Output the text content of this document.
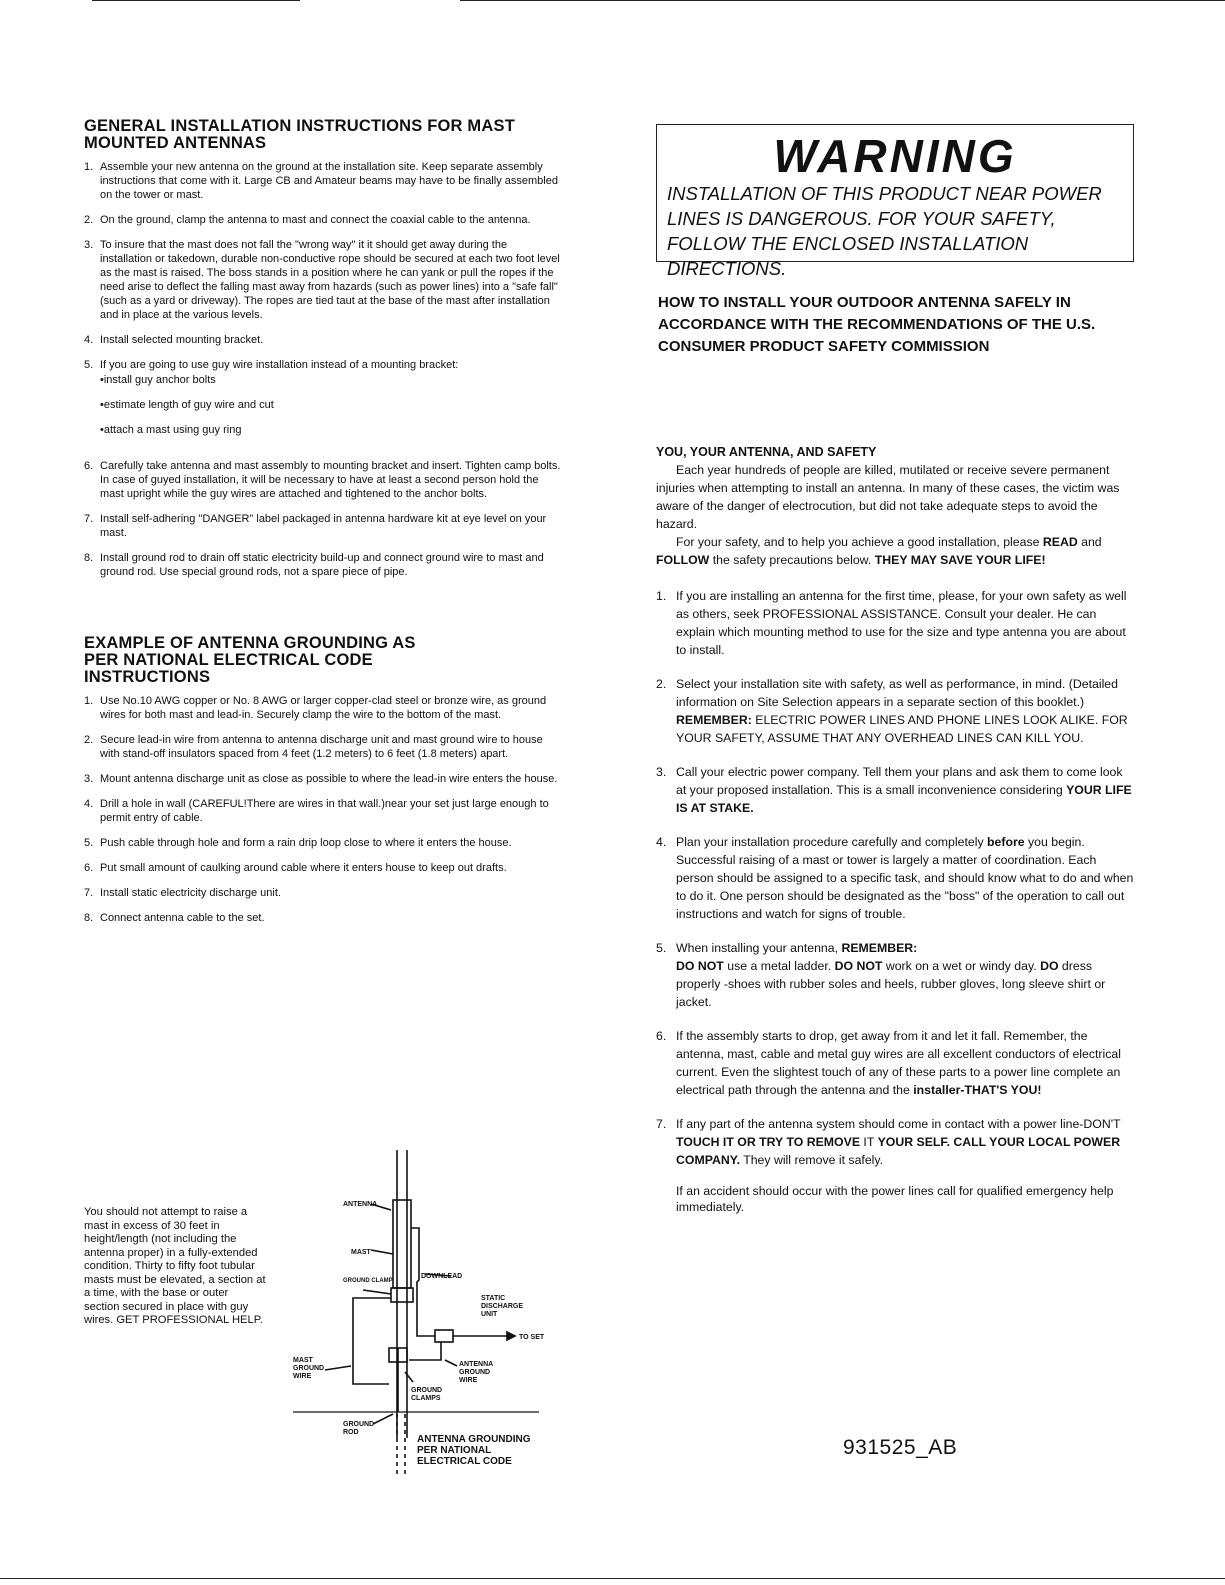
GENERAL INSTALLATION INSTRUCTIONS FOR MAST MOUNTED ANTENNAS
1. Assemble your new antenna on the ground at the installation site. Keep separate assembly instructions that come with it. Large CB and Amateur beams may have to be finally assembled on the tower or mast.
2. On the ground, clamp the antenna to mast and connect the coaxial cable to the antenna.
3. To insure that the mast does not fall the "wrong way" it it should get away during the installation or takedown, durable non-conductive rope should be secured at each two foot level as the mast is raised. The boss stands in a position where he can yank or pull the ropes if the need arise to deflect the falling mast away from hazards (such as power lines) into a "safe fall" (such as a yard or driveway). The ropes are tied taut at the base of the mast after installation and in place at the various levels.
4. Install selected mounting bracket.
5. If you are going to use guy wire installation instead of a mounting bracket:
• install guy anchor bolts
• estimate length of guy wire and cut
• attach a mast using guy ring
6. Carefully take antenna and mast assembly to mounting bracket and insert. Tighten camp bolts. In case of guyed installation, it will be necessary to have at least a second person hold the mast upright while the guy wires are attached and tightened to the anchor bolts.
7. Install self-adhering "DANGER" label packaged in antenna hardware kit at eye level on your mast.
8. Install ground rod to drain off static electricity build-up and connect ground wire to mast and ground rod. Use special ground rods, not a spare piece of pipe.
EXAMPLE OF ANTENNA GROUNDING AS PER NATIONAL ELECTRICAL CODE INSTRUCTIONS
1. Use No.10 AWG copper or No. 8 AWG or larger copper-clad steel or bronze wire, as ground wires for both mast and lead-in. Securely clamp the wire to the bottom of the mast.
2. Secure lead-in wire from antenna to antenna discharge unit and mast ground wire to house with stand-off insulators spaced from 4 feet (1.2 meters) to 6 feet (1.8 meters) apart.
3. Mount antenna discharge unit as close as possible to where the lead-in wire enters the house.
4. Drill a hole in wall (CAREFUL!There are wires in that wall.)near your set just large enough to permit entry of cable.
5. Push cable through hole and form a rain drip loop close to where it enters the house.
6. Put small amount of caulking around cable where it enters house to keep out drafts.
7. Install static electricity discharge unit.
8. Connect antenna cable to the set.
You should not attempt to raise a mast in excess of 30 feet in height/length (not including the antenna proper) in a fully-extended condition. Thirty to fifty foot tubular masts must be elevated, a section at a time, with the base or outer section secured in place with guy wires. GET PROFESSIONAL HELP.
ANTENNA
MAST
GROUND CLAMP
DOWNLEAD
STATIC
DISCHARGE
UNIT
TO SET
MAST
GROUND
WIRE
ANTENNA
GROUND
WIRE
GROUND
CLAMPS
GROUND
ROD
ANTENNA GROUNDING
PER NATIONAL
ELECTRICAL CODE
WARNING
INSTALLATION OF THIS PRODUCT NEAR POWER LINES IS DANGEROUS. FOR YOUR SAFETY, FOLLOW THE ENCLOSED INSTALLATION DIRECTIONS.
HOW TO INSTALL YOUR OUTDOOR ANTENNA SAFELY IN ACCORDANCE WITH THE RECOMMENDATIONS OF THE U.S. CONSUMER PRODUCT SAFETY COMMISSION
YOU, YOUR ANTENNA, AND SAFETY

Each year hundreds of people are killed, mutilated or receive severe permanent injuries when attempting to install an antenna. In many of these cases, the victim was aware of the danger of electrocution, but did not take adequate steps to avoid the hazard.

For your safety, and to help you achieve a good installation, please READ and FOLLOW the safety precautions below. THEY MAY SAVE YOUR LIFE!

1. If you are installing an antenna for the first time, please, for your own safety as well as others, seek PROFESSIONAL ASSISTANCE. Consult your dealer. He can explain which mounting method to use for the size and type antenna you are about to install.
2. Select your installation site with safety, as well as performance, in mind. (Detailed information on Site Selection appears in a separate section of this booklet.) REMEMBER: ELECTRIC POWER LINES AND PHONE LINES LOOK ALIKE. FOR YOUR SAFETY, ASSUME THAT ANY OVERHEAD LINES CAN KILL YOU.
3. Call your electric power company. Tell them your plans and ask them to come look at your proposed installation. This is a small inconvenience considering YOUR LIFE IS AT STAKE.
4. Plan your installation procedure carefully and completely before you begin. Successful raising of a mast or tower is largely a matter of coordination. Each person should be assigned to a specific task, and should know what to do and when to do it. One person should be designated as the "boss" of the operation to call out instructions and watch for signs of trouble.
5. When installing your antenna, REMEMBER:
DO NOT use a metal ladder. DO NOT work on a wet or windy day. DO dress properly -shoes with rubber soles and heels, rubber gloves, long sleeve shirt or jacket.
6. If the assembly starts to drop, get away from it and let it fall. Remember, the antenna, mast, cable and metal guy wires are all excellent conductors of electrical current. Even the slightest touch of any of these parts to a power line complete an electrical path through the antenna and the installer-THAT'S YOU!
7. If any part of the antenna system should come in contact with a power line-DON'T TOUCH IT OR TRY TO REMOVE IT YOUR SELF. CALL YOUR LOCAL POWER COMPANY. They will remove it safely.

If an accident should occur with the power lines call for qualified emergency help immediately.

931525_AB
